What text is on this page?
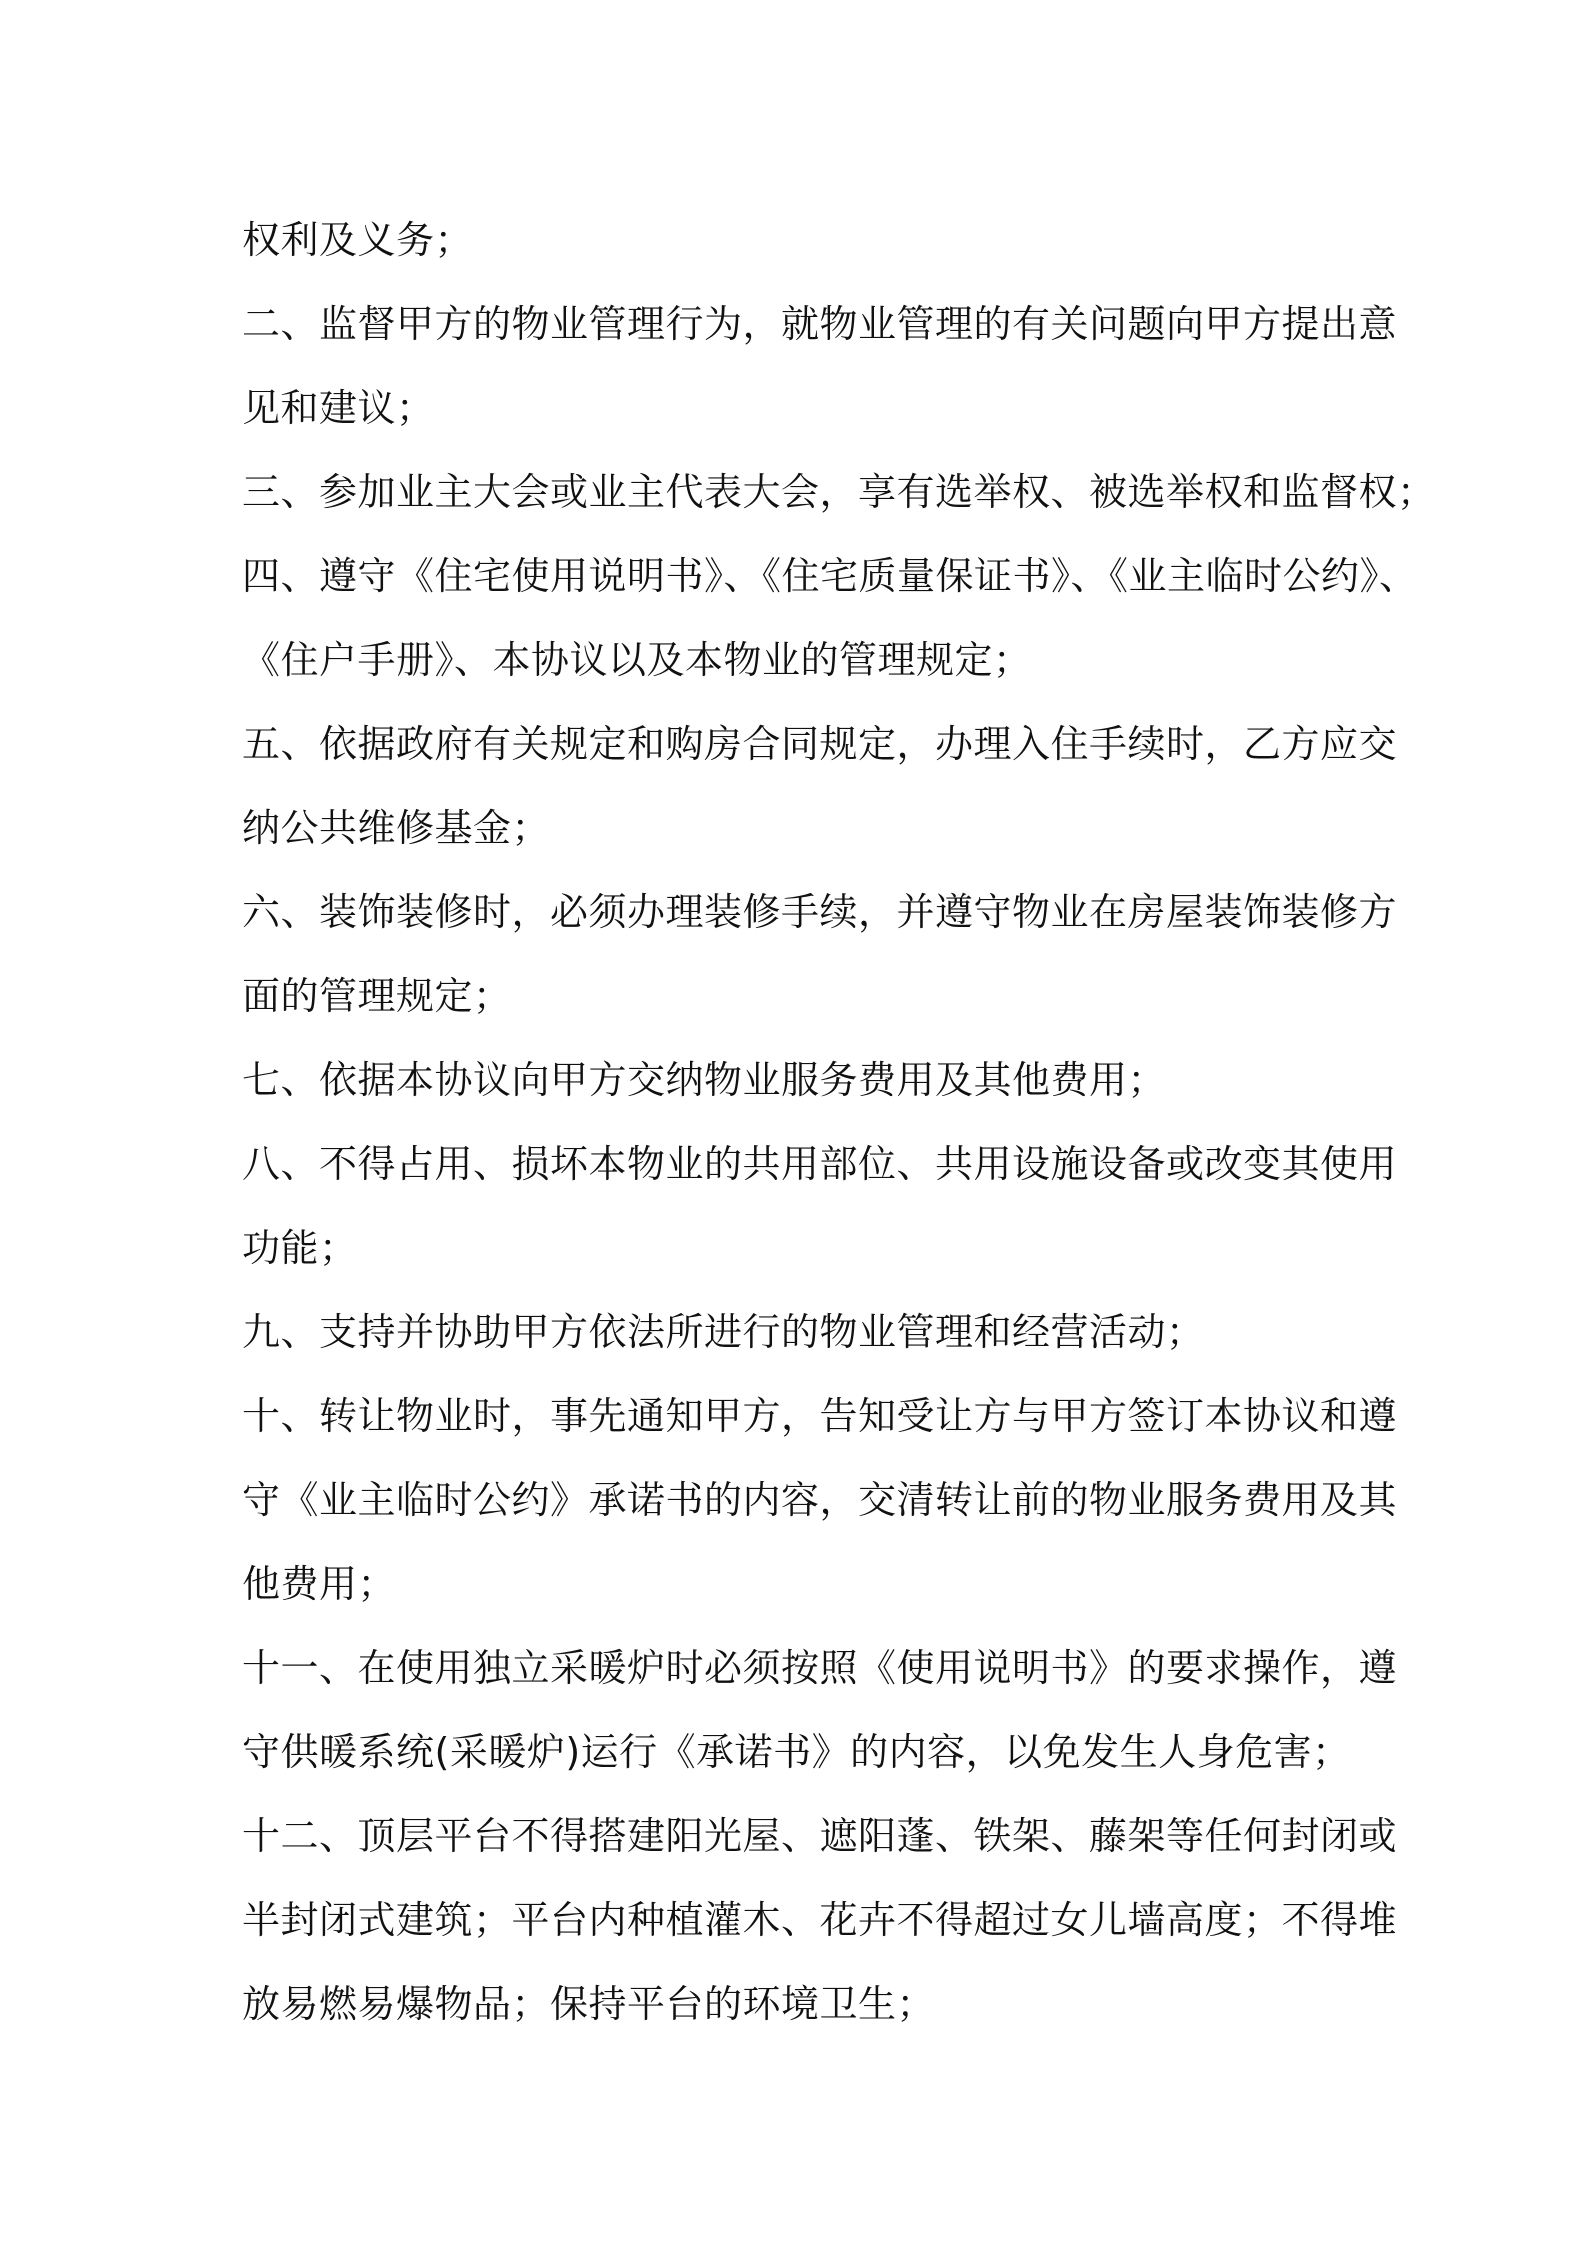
权利及义务；
二、监督甲方的物业管理行为，就物业管理的有关问题向甲方提出意
见和建议；
三、参加业主大会或业主代表大会，享有选举权、被选举权和监督权；
四、遵守《住宅使用说明书》、《住宅质量保证书》、《业主临时公约》、
《住户手册》、本协议以及本物业的管理规定；
五、依据政府有关规定和购房合同规定，办理入住手续时，乙方应交
纳公共维修基金；
六、装饰装修时，必须办理装修手续，并遵守物业在房屋装饰装修方
面的管理规定；
七、依据本协议向甲方交纳物业服务费用及其他费用；
八、不得占用、损坏本物业的共用部位、共用设施设备或改变其使用
功能；
九、支持并协助甲方依法所进行的物业管理和经营活动；
十、转让物业时，事先通知甲方，告知受让方与甲方签订本协议和遵
守《业主临时公约》承诺书的内容，交清转让前的物业服务费用及其
他费用；
十一、在使用独立采暖炉时必须按照《使用说明书》的要求操作，遵
守供暖系统(采暖炉)运行《承诺书》的内容，以免发生人身危害；
十二、顶层平台不得搭建阳光屋、遮阳蓬、铁架、藤架等任何封闭或
半封闭式建筑；平台内种植灌木、花卉不得超过女儿墙高度；不得堆
放易燃易爆物品；保持平台的环境卫生；
